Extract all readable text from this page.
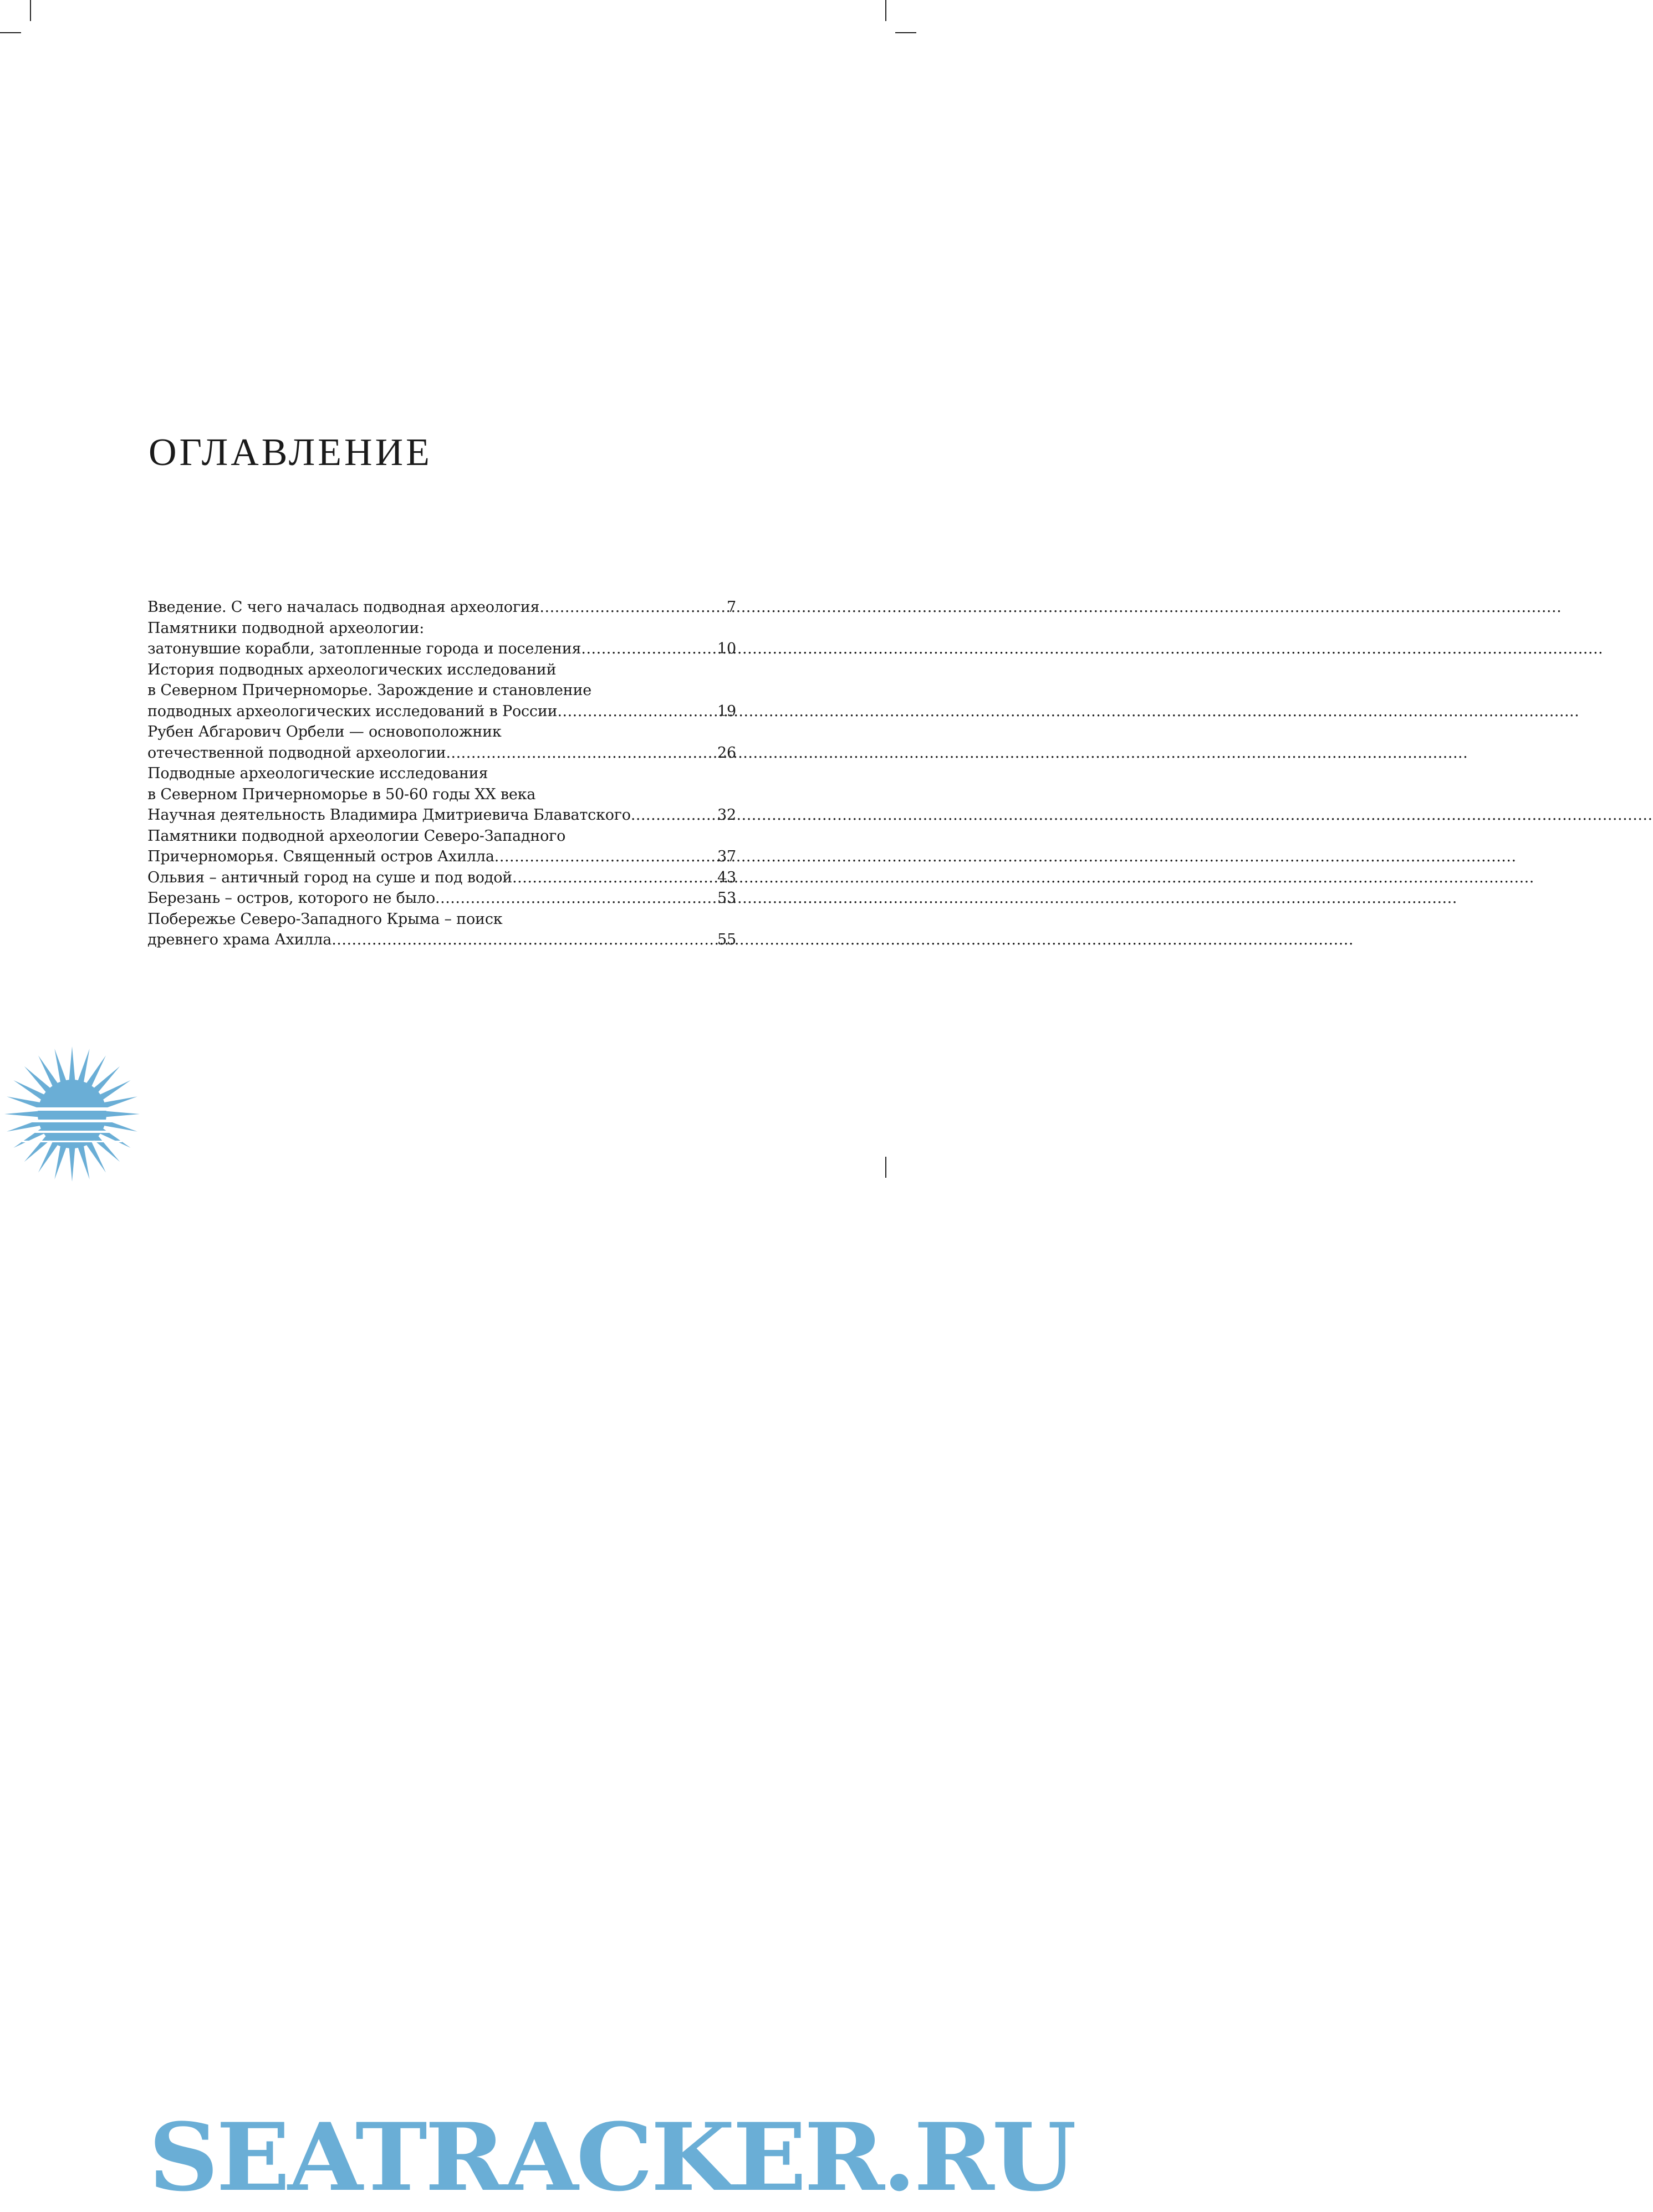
ОГЛАВЛЕНИЕ
Введение. С чего началась подводная археология .....	7
Памятники подводной археологии:
затонувшие корабли, затопленные города и поселения .....	10
История подводных археологических исследований
в Северном Причерноморье. Зарождение и становление
подводных археологических исследований в России .....	19
Рубен Абгарович Орбели — основоположник
отечественной подводной археологии .....	26
Подводные археологические исследования
в Северном Причерноморье в 50-60 годы XX века
Научная деятельность Владимира Дмитриевича Блаватского .....	32
Памятники подводной археологии Северо-Западного
Причерноморья. Священный остров Ахилла .....	37
Ольвия – античный город на суше и под водой .....	43
Березань – остров, которого не было .....	53
Побережье Северо-Западного Крыма – поиск
древнего храма Ахилла .....	55
SEATRACKER.RU
